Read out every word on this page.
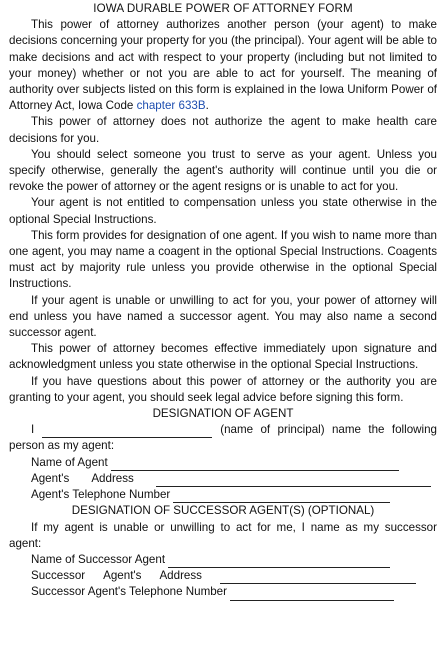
IOWA DURABLE POWER OF ATTORNEY FORM

This power of attorney authorizes another person (your agent) to make decisions concerning your property for you (the principal). Your agent will be able to make decisions and act with respect to your property (including but not limited to your money) whether or not you are able to act for yourself. The meaning of authority over subjects listed on this form is explained in the Iowa Uniform Power of Attorney Act, Iowa Code chapter 633B.

This power of attorney does not authorize the agent to make health care decisions for you.

You should select someone you trust to serve as your agent. Unless you specify otherwise, generally the agent's authority will continue until you die or revoke the power of attorney or the agent resigns or is unable to act for you.

Your agent is not entitled to compensation unless you state otherwise in the optional Special Instructions.

This form provides for designation of one agent. If you wish to name more than one agent, you may name a coagent in the optional Special Instructions. Coagents must act by majority rule unless you provide otherwise in the optional Special Instructions.

If your agent is unable or unwilling to act for you, your power of attorney will end unless you have named a successor agent. You may also name a second successor agent.

This power of attorney becomes effective immediately upon signature and acknowledgment unless you state otherwise in the optional Special Instructions.

If you have questions about this power of attorney or the authority you are granting to your agent, you should seek legal advice before signing this form.

DESIGNATION OF AGENT
I	(name of principal) name the following
person as my agent:
Name of Agent
Agent's Address
Agent's Telephone Number
DESIGNATION OF SUCCESSOR AGENT(S) (OPTIONAL)

If my agent is unable or unwilling to act for me, I name as my successor

agent:
Name of Successor Agent
Successor Agent's Address
Successor Agent's Telephone Number
